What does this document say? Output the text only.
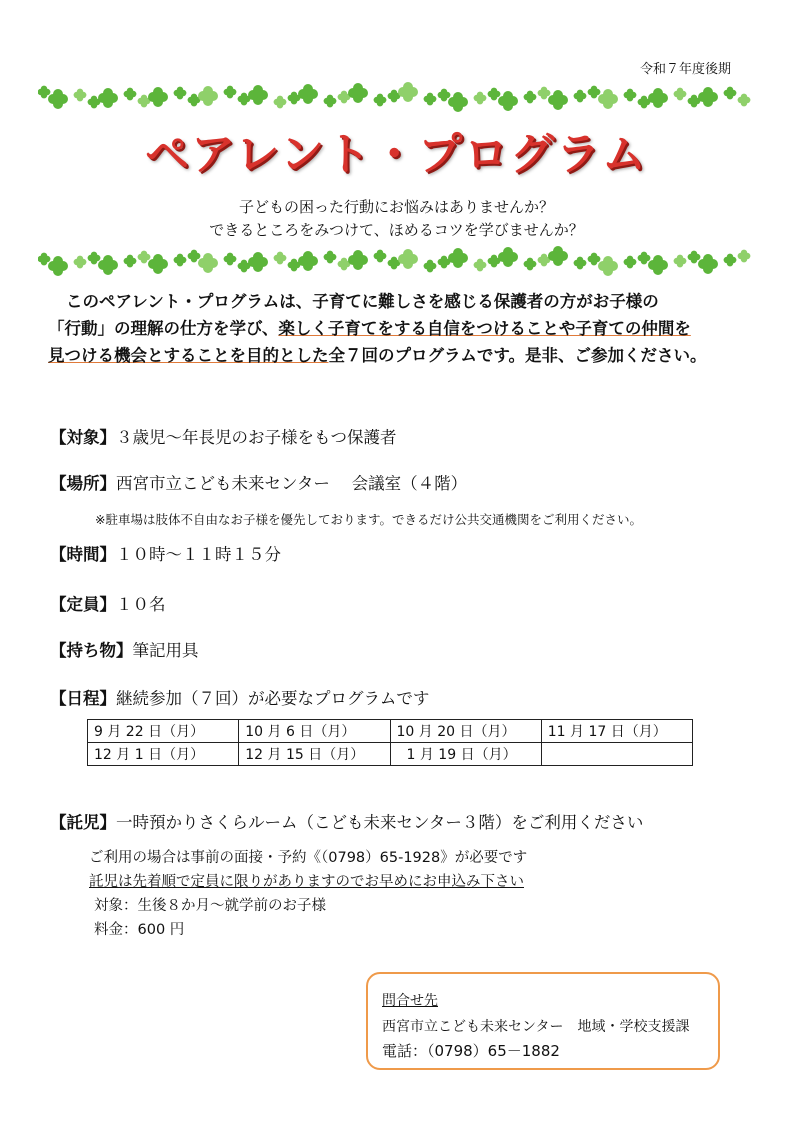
令和７年度後期
ペアレント・プログラム
子どもの困った行動にお悩みはありませんか？
できるところをみつけて、ほめるコツを学びませんか？
このペアレント・プログラムは、子育てに難しさを感じる保護者の方がお子様の
「行動」の理解の仕方を学び、楽しく子育てをする自信をつけることや子育ての仲間を
見つける機会とすることを目的とした全７回のプログラムです。是非、ご参加ください。
【対象】３歳児～年長児のお子様をもつ保護者
【場所】西宮市立こども未来センター　 会議室（４階）
※駐車場は肢体不自由なお子様を優先しております。できるだけ公共交通機関をご利用ください。
【時間】１０時～１１時１５分
【定員】１０名
【持ち物】筆記用具
【日程】継続参加（７回）が必要なプログラムです
9 月 22 日（月）	10 月 6 日（月）	10 月 20 日（月）	11 月 17 日（月）
12 月 1 日（月）	12 月 15 日（月）	1 月 19 日（月）	
【託児】一時預かりさくらルーム（こども未来センター３階）をご利用ください
ご利用の場合は事前の面接・予約《（0798）65-1928》が必要です
託児は先着順で定員に限りがありますのでお早めにお申込み下さい
対象：生後８か月～就学前のお子様
料金：600 円
問合せ先
西宮市立こども未来センター　地域・学校支援課
電話：（0798）65－1882
